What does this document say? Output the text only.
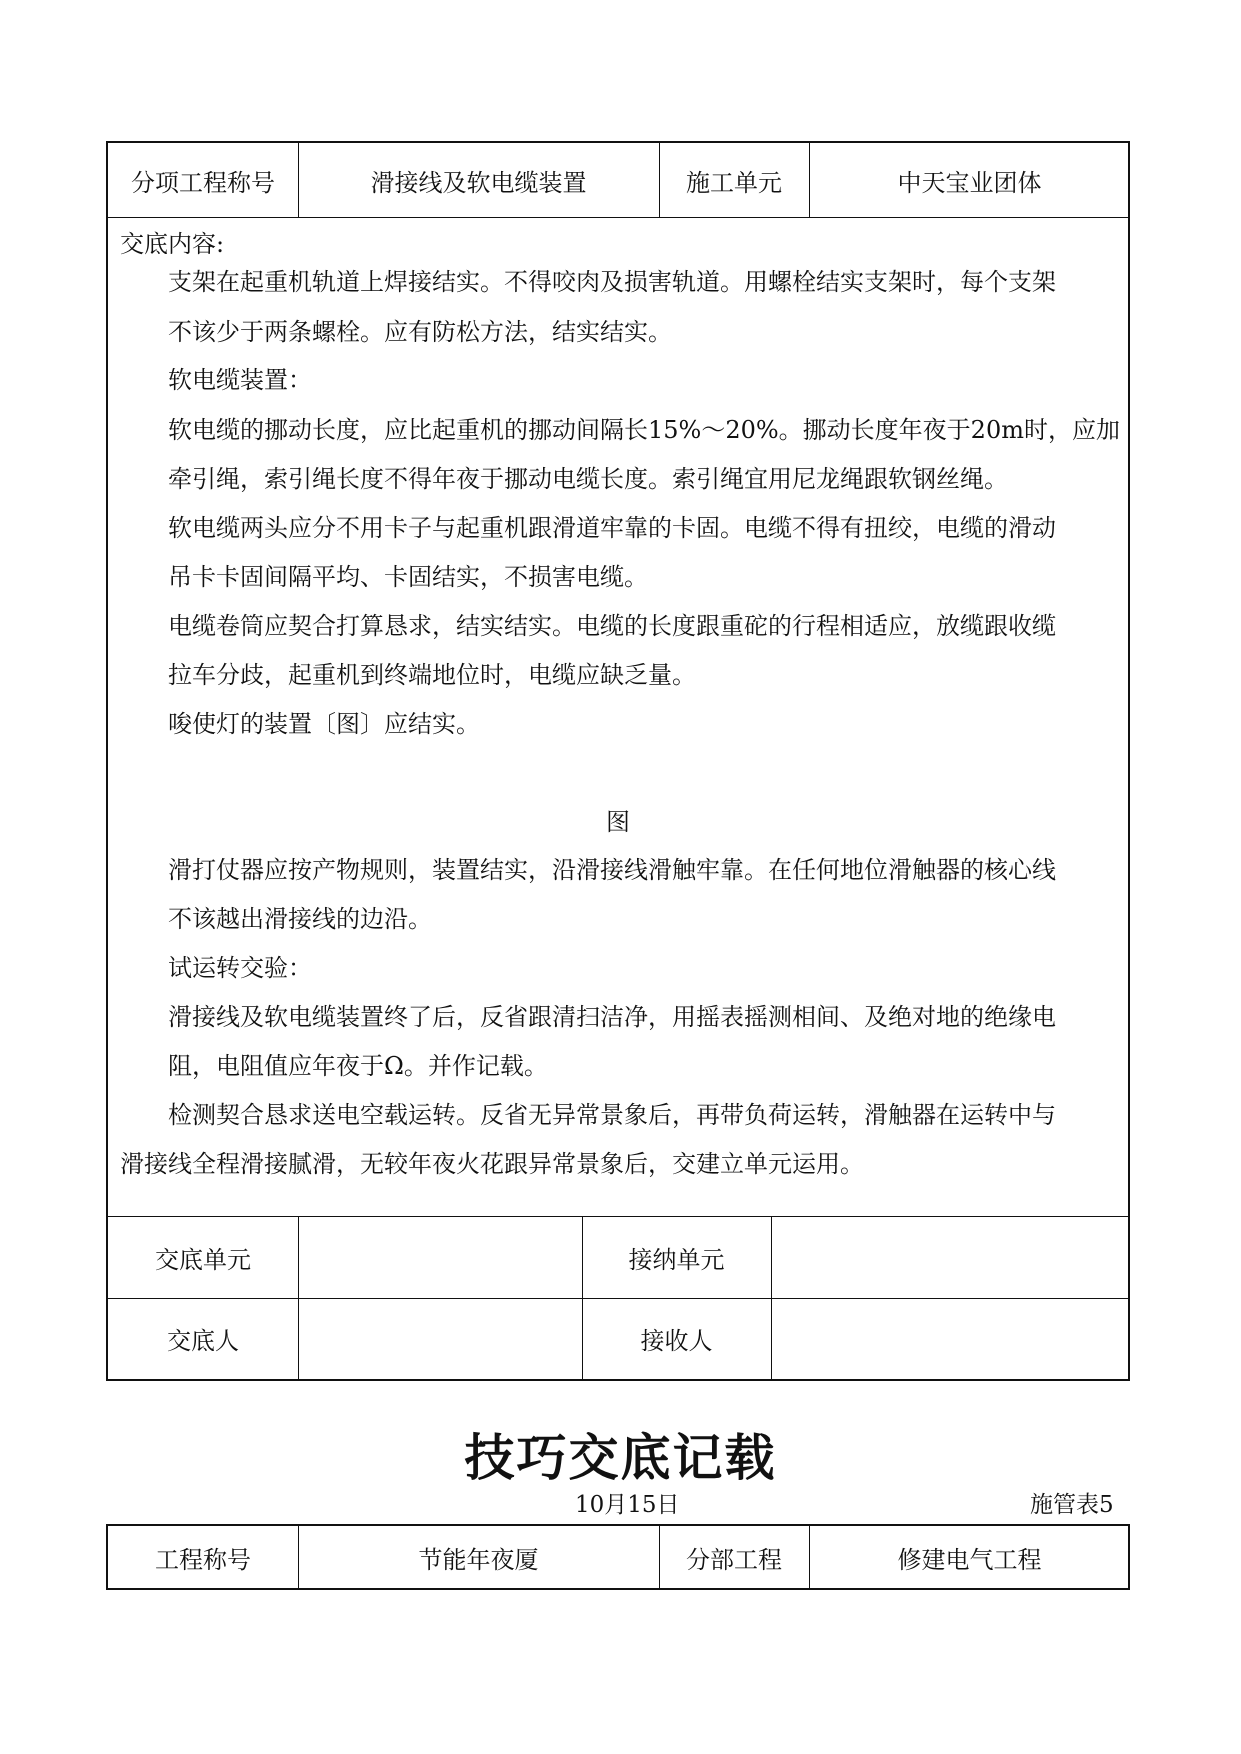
分项工程称号	滑接线及软电缆装置	施工单元	中天宝业团体
交底内容:
支架在起重机轨道上焊接结实。不得咬肉及损害轨道。用螺栓结实支架时，每个支架
不该少于两条螺栓。应有防松方法，结实结实。
软电缆装置：
软电缆的挪动长度，应比起重机的挪动间隔长15%～20%。挪动长度年夜于20m时，应加
牵引绳，索引绳长度不得年夜于挪动电缆长度。索引绳宜用尼龙绳跟软钢丝绳。
软电缆两头应分不用卡子与起重机跟滑道牢靠的卡固。电缆不得有扭绞，电缆的滑动
吊卡卡固间隔平均、卡固结实，不损害电缆。
电缆卷筒应契合打算恳求，结实结实。电缆的长度跟重砣的行程相适应，放缆跟收缆
拉车分歧，起重机到终端地位时，电缆应缺乏量。
唆使灯的装置〔图〕应结实。
图
滑打仗器应按产物规则，装置结实，沿滑接线滑触牢靠。在任何地位滑触器的核心线
不该越出滑接线的边沿。
试运转交验：
滑接线及软电缆装置终了后，反省跟清扫洁净，用摇表摇测相间、及绝对地的绝缘电
阻，电阻值应年夜于Ω。并作记载。
检测契合恳求送电空载运转。反省无异常景象后，再带负荷运转，滑触器在运转中与
滑接线全程滑接腻滑，无较年夜火花跟异常景象后，交建立单元运用。
交底单元	接纳单元
交底人	接收人
技巧交底记载
10月15日	施管表5
工程称号	节能年夜厦	分部工程	修建电气工程
